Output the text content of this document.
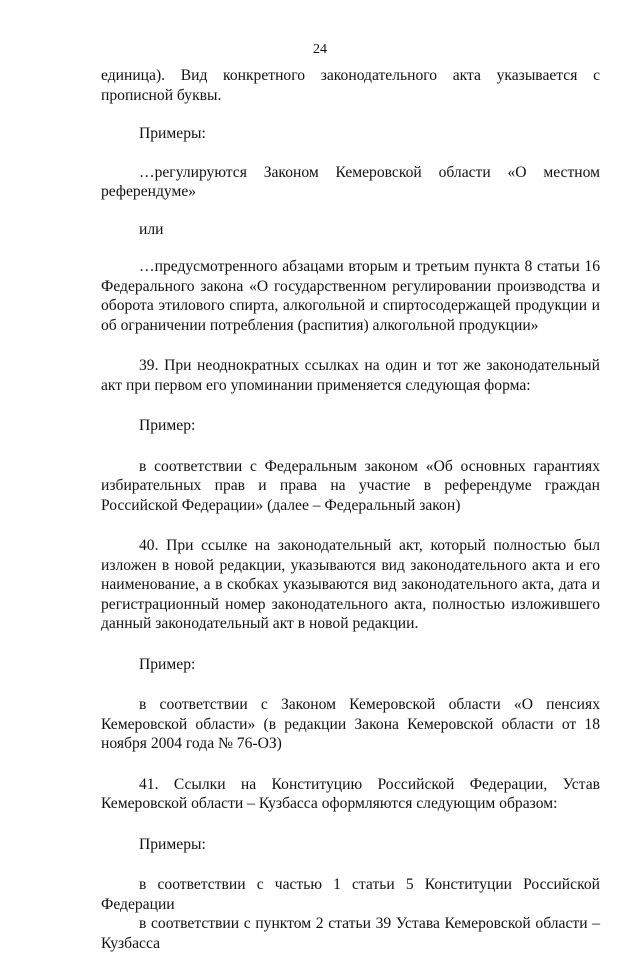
24

единица). Вид конкретного законодательного акта указывается с прописной буквы.

Примеры:

…регулируются Законом Кемеровской области «О местном референдуме»

или

…предусмотренного абзацами вторым и третьим пункта 8 статьи 16 Федерального закона «О государственном регулировании производства и оборота этилового спирта, алкогольной и спиртосодержащей продукции и об ограничении потребления (распития) алкогольной продукции»

39. При неоднократных ссылках на один и тот же законодательный акт при первом его упоминании применяется следующая форма:

Пример:

в соответствии с Федеральным законом «Об основных гарантиях избирательных прав и права на участие в референдуме граждан Российской Федерации» (далее – Федеральный закон)

40. При ссылке на законодательный акт, который полностью был изложен в новой редакции, указываются вид законодательного акта и его наименование, а в скобках указываются вид законодательного акта, дата и регистрационный номер законодательного акта, полностью изложившего данный законодательный акт в новой редакции.

Пример:

в соответствии с Законом Кемеровской области «О пенсиях Кемеровской области» (в редакции Закона Кемеровской области от 18 ноября 2004 года № 76-ОЗ)

41. Ссылки на Конституцию Российской Федерации, Устав Кемеровской области – Кузбасса оформляются следующим образом:

Примеры:

в соответствии с частью 1 статьи 5 Конституции Российской Федерации

в соответствии с пунктом 2 статьи 39 Устава Кемеровской области – Кузбасса
